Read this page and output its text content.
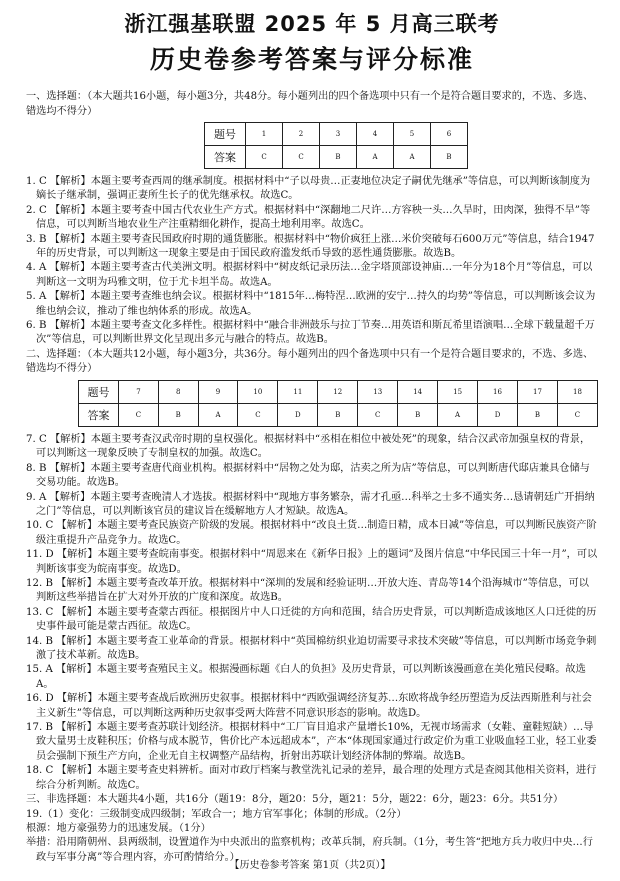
浙江强基联盟 2025 年 5 月高三联考
历史卷参考答案与评分标准

一、选择题：（本大题共16小题，每小题3分，共48分。每小题列出的四个备选项中只有一个是符合题目要求的，不选、多选、错选均不得分）

题号	1	2	3	4	5	6
答案	C	C	B	A	A	B

1. C 【解析】本题主要考查西周的继承制度。根据材料中“子以母贵…正妻地位决定子嗣优先继承”等信息，可以判断该制度为嫡长子继承制，强调正妻所生长子的优先继承权。故选C。

2. C 【解析】本题主要考查中国古代农业生产方式。根据材料中“深翻地二尺许…方容秧一头…久旱时，田肉深，独得不旱”等信息，可以判断当地农业生产注重精细化耕作，提高土地利用率。故选C。

3. B 【解析】本题主要考查民国政府时期的通货膨胀。根据材料中“物价疯狂上涨…米价突破每石600万元”等信息，结合1947年的历史背景，可以判断这一现象主要是由于国民政府滥发纸币导致的恶性通货膨胀。故选B。

4. A 【解析】本题主要考查古代美洲文明。根据材料中“树皮纸记录历法…金字塔顶部设神庙…一年分为18个月”等信息，可以判断这一文明为玛雅文明，位于尤卡坦半岛。故选A。

5. A 【解析】本题主要考查维也纳会议。根据材料中“1815年…梅特涅…欧洲的安宁…持久的均势”等信息，可以判断该会议为维也纳会议，推动了维也纳体系的形成。故选A。

6. B 【解析】本题主要考查文化多样性。根据材料中“融合非洲鼓乐与拉丁节奏…用英语和斯瓦希里语演唱…全球下载量超千万次”等信息，可以判断世界文化呈现出多元与融合的特点。故选B。

二、选择题：（本大题共12小题，每小题3分，共36分。每小题列出的四个备选项中只有一个是符合题目要求的，不选、多选、错选均不得分）

题号	7	8	9	10	11	12	13	14	15	16	17	18
答案	C	B	A	C	D	B	C	B	A	D	B	C

7. C 【解析】本题主要考查汉武帝时期的皇权强化。根据材料中“丞相在相位中被处死”的现象，结合汉武帝加强皇权的背景，可以判断这一现象反映了专制皇权的加强。故选C。

8. B 【解析】本题主要考查唐代商业机构。根据材料中“居物之处为邸，沽卖之所为店”等信息，可以判断唐代邸店兼具仓储与交易功能。故选B。

9. A 【解析】本题主要考查晚清人才选拔。根据材料中“现地方事务繁杂，需才孔亟…科举之士多不通实务…恳请朝廷广开捐纳之门”等信息，可以判断该官员的建议旨在缓解地方人才短缺。故选A。

10. C 【解析】本题主要考查民族资产阶级的发展。根据材料中“改良土货…制造日精，成本日减”等信息，可以判断民族资产阶级注重提升产品竞争力。故选C。

11. D 【解析】本题主要考查皖南事变。根据材料中“周恩来在《新华日报》上的题词”及图片信息“中华民国三十年一月”，可以判断该事变为皖南事变。故选D。

12. B 【解析】本题主要考查改革开放。根据材料中“深圳的发展和经验证明…开放大连、青岛等14个沿海城市”等信息，可以判断这些举措旨在扩大对外开放的广度和深度。故选B。

13. C 【解析】本题主要考查蒙古西征。根据图片中人口迁徙的方向和范围，结合历史背景，可以判断造成该地区人口迁徙的历史事件最可能是蒙古西征。故选C。

14. B 【解析】本题主要考查工业革命的背景。根据材料中“英国棉纺织业迫切需要寻求技术突破”等信息，可以判断市场竞争刺激了技术革新。故选B。

15. A 【解析】本题主要考查殖民主义。根据漫画标题《白人的负担》及历史背景，可以判断该漫画意在美化殖民侵略。故选A。

16. D 【解析】本题主要考查战后欧洲历史叙事。根据材料中“西欧强调经济复苏…东欧将战争经历塑造为反法西斯胜利与社会主义新生”等信息，可以判断这两种历史叙事受两大阵营不同意识形态的影响。故选D。

17. B 【解析】本题主要考查苏联计划经济。根据材料中“工厂盲目追求产量增长10%，无视市场需求（女鞋、童鞋短缺）…导致大量男士皮鞋积压；价格与成本脱节，售价比产本远超成本”，产本“体现国家通过行政定价为重工业吸血轻工业，轻工业委员会强制下预生产方向，企业无自主权调整产品结构，折射出苏联计划经济体制的弊端。故选B。

18. C 【解析】本题主要考查史料辨析。面对市政厅档案与教堂洗礼记录的差异，最合理的处理方式是查阅其他相关资料，进行综合分析判断。故选C。

三、非选择题：本大题共4小题，共16分（题19：8分，题20：5分，题21：5分，题22：6分，题23：6分。共51分）

19.（1）变化：三级制变成四级制；军政合一；地方官军事化；体制的形成。（2分）

根源：地方豪强势力的迅速发展。（1分）

举措：沿用隋朝州、县两级制，设置道作为中央派出的监察机构；改革兵制，府兵制。（1分，考生答“把地方兵力收归中央…行政与军事分离”等合理内容，亦可酌情给分。）

【历史卷参考答案 第1页（共2页）】
